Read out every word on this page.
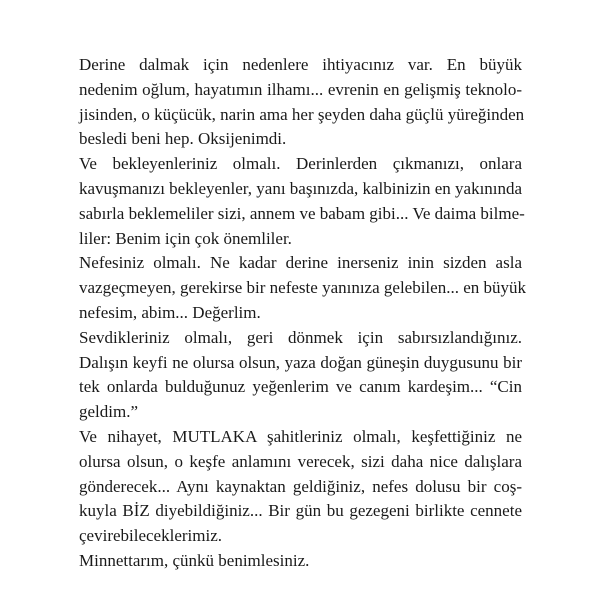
Derine dalmak için nedenlere ihtiyacınız var. En büyük
nedenim oğlum, hayatımın ilhamı... evrenin en gelişmiş teknolo-
jisinden, o küçücük, narin ama her şeyden daha güçlü yüreğinden
besledi beni hep. Oksijenimdi.
Ve bekleyenleriniz olmalı. Derinlerden çıkmanızı, onlara
kavuşmanızı bekleyenler, yanı başınızda, kalbinizin en yakınında
sabırla beklemeliler sizi, annem ve babam gibi... Ve daima bilme-
liler: Benim için çok önemliler.
Nefesiniz olmalı. Ne kadar derine inerseniz inin sizden asla
vazgeçmeyen, gerekirse bir nefeste yanınıza gelebilen... en büyük
nefesim, abim... Değerlim.
Sevdikleriniz olmalı, geri dönmek için sabırsızlandığınız.
Dalışın keyfi ne olursa olsun, yaza doğan güneşin duygusunu bir
tek onlarda bulduğunuz yeğenlerim ve canım kardeşim... “Cin
geldim.”
Ve nihayet, MUTLAKA şahitleriniz olmalı, keşfettiğiniz ne
olursa olsun, o keşfe anlamını verecek, sizi daha nice dalışlara
gönderecek... Aynı kaynaktan geldiğiniz, nefes dolusu bir coş-
kuyla BİZ diyebildiğiniz... Bir gün bu gezegeni birlikte cennete
çevirebileceklerimiz.
Minnettarım, çünkü benimlesiniz.
